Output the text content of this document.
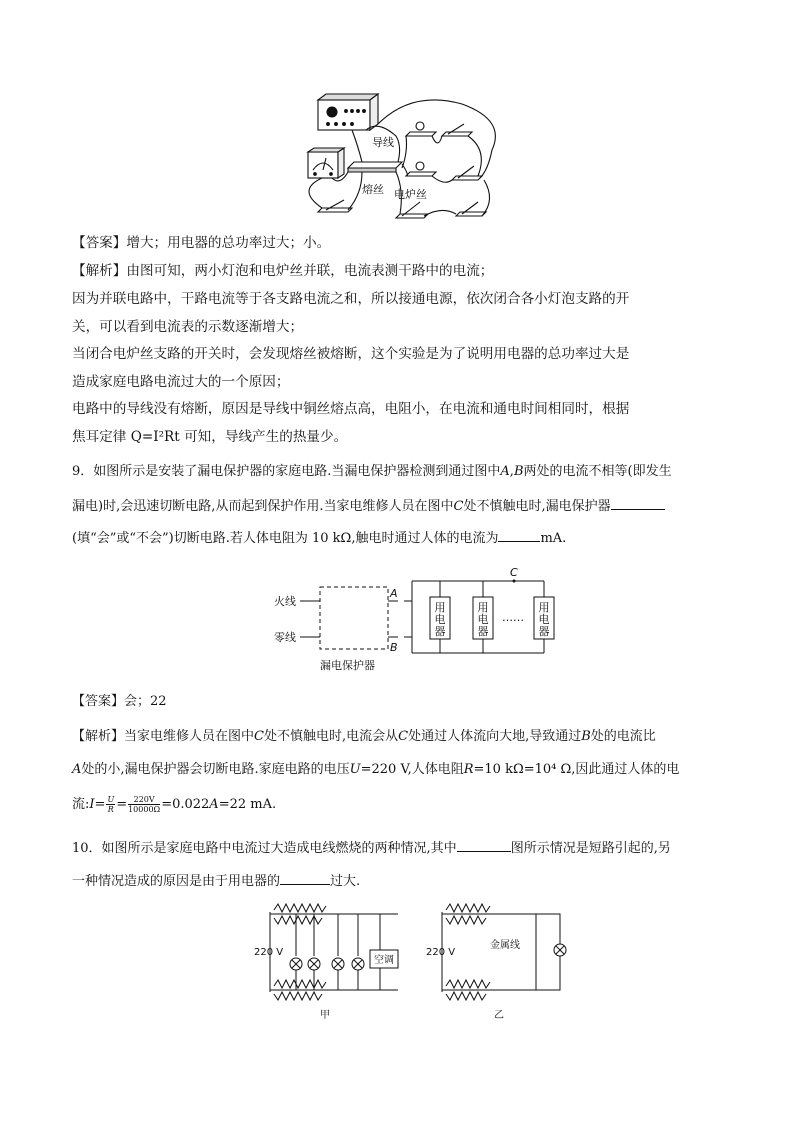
导线
熔丝 电炉丝
【答案】增大；用电器的总功率过大；小。
【解析】由图可知，两小灯泡和电炉丝并联，电流表测干路中的电流；
因为并联电路中，干路电流等于各支路电流之和，所以接通电源，依次闭合各小灯泡支路的开
关，可以看到电流表的示数逐渐增大；
当闭合电炉丝支路的开关时，会发现熔丝被熔断，这个实验是为了说明用电器的总功率过大是
造成家庭电路电流过大的一个原因；
电路中的导线没有熔断，原因是导线中铜丝熔点高，电阻小，在电流和通电时间相同时，根据
焦耳定律 Q=I²Rt 可知，导线产生的热量少。
9．如图所示是安装了漏电保护器的家庭电路.当漏电保护器检测到通过图中A,B两处的电流不相等(即发生
漏电)时,会迅速切断电路,从而起到保护作用.当家电维修人员在图中C处不慎触电时,漏电保护器
(填“会”或“不会”)切断电路.若人体电阻为 10 kΩ,触电时通过人体的电流为	mA.
火线
零线
漏电保护器
A
B
C
用
电
器
用
电
器
用
电
器
……
【答案】会；22
【解析】当家电维修人员在图中C处不慎触电时,电流会从C处通过人体流向大地,导致通过B处的电流比
A处的小,漏电保护器会切断电路.家庭电路的电压U=220 V,人体电阻R=10 kΩ=10⁴ Ω,因此通过人体的电
流:I= $\frac{U}{R} = \frac{220V}{10000\Omega} =0.022A=22$ mA.
10．如图所示是家庭电路中电流过大造成电线燃烧的两种情况,其中	图所示情况是短路引起的,另
一种情况造成的原因是由于用电器的	过大.
220 V	220 V
空调
金属线
甲	乙
